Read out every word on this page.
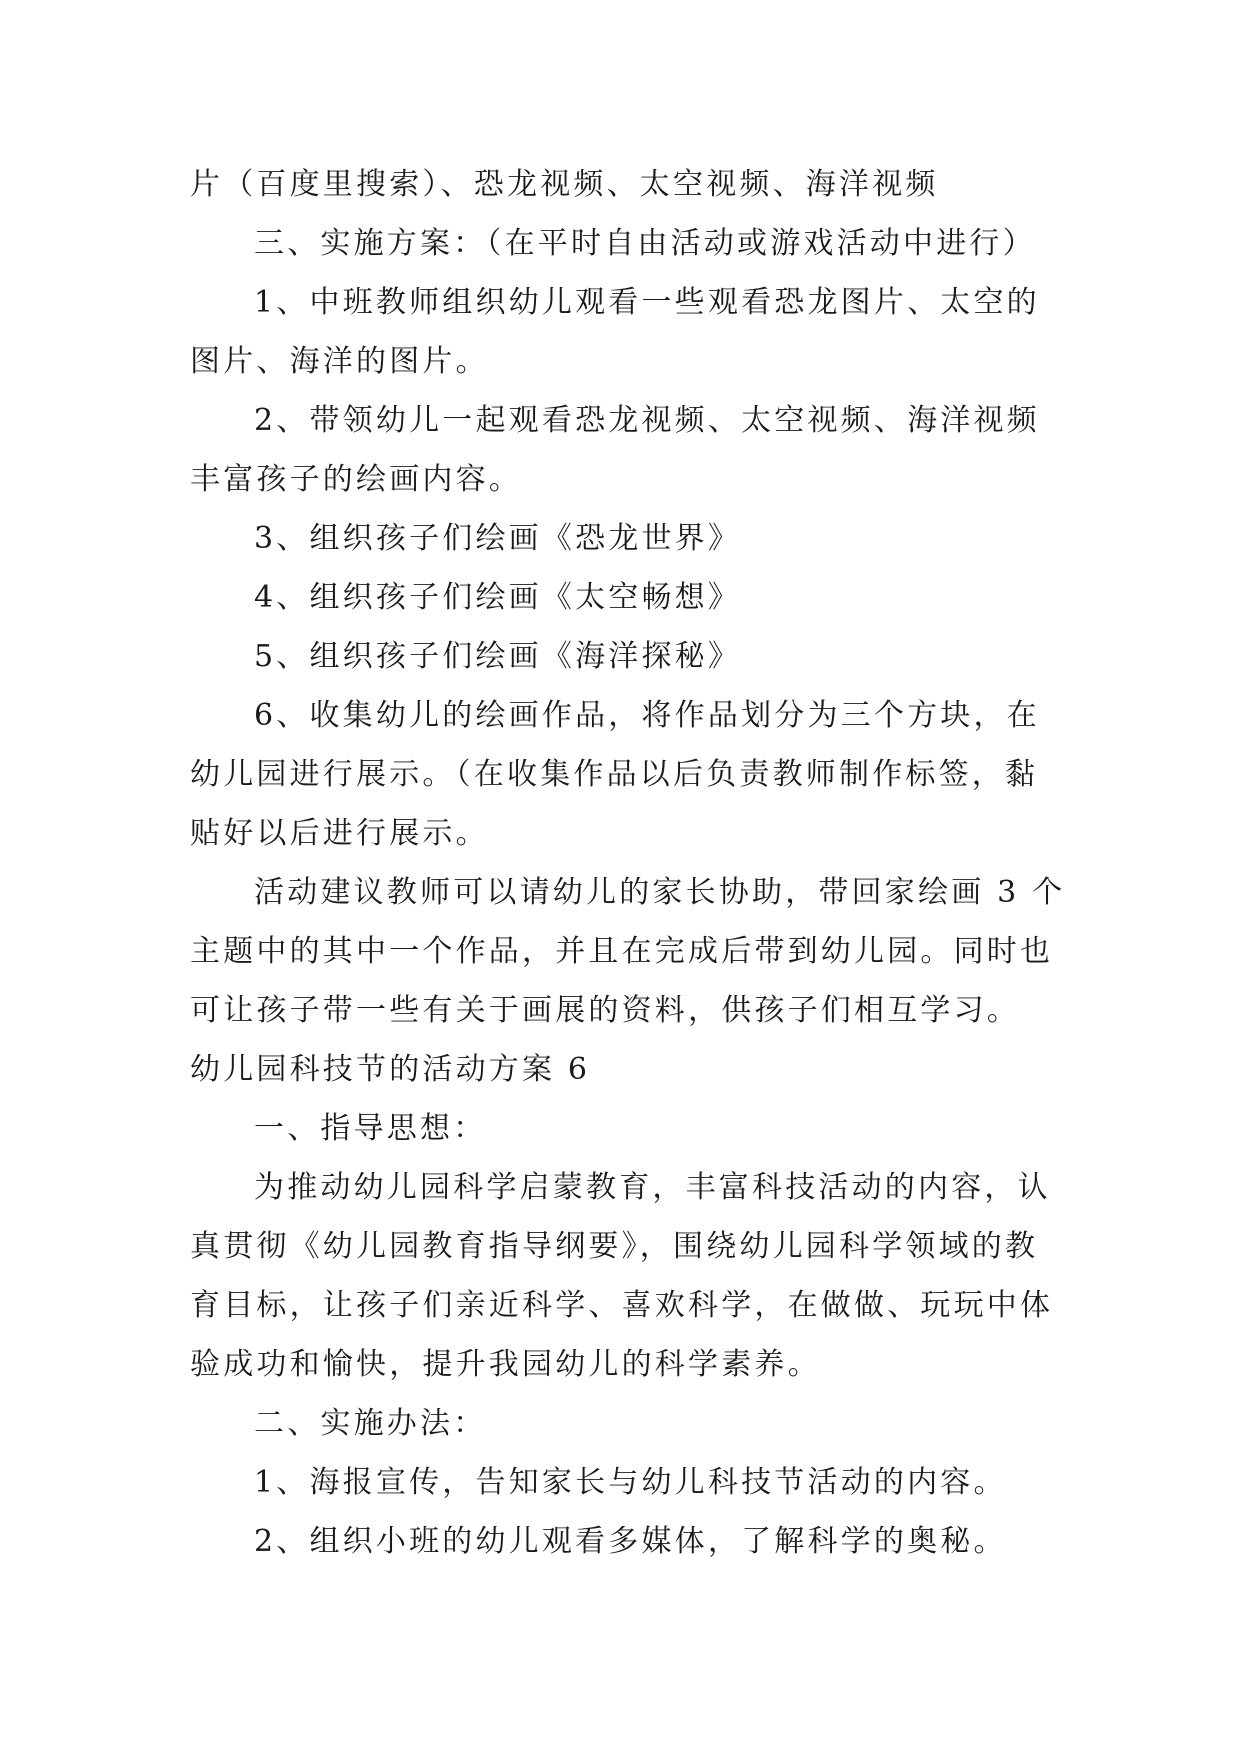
片（百度里搜索）、恐龙视频、太空视频、海洋视频
三、实施方案：（在平时自由活动或游戏活动中进行）
1、中班教师组织幼儿观看一些观看恐龙图片、太空的
图片、海洋的图片。
2、带领幼儿一起观看恐龙视频、太空视频、海洋视频
丰富孩子的绘画内容。
3、组织孩子们绘画《恐龙世界》
4、组织孩子们绘画《太空畅想》
5、组织孩子们绘画《海洋探秘》
6、收集幼儿的绘画作品，将作品划分为三个方块，在
幼儿园进行展示。（在收集作品以后负责教师制作标签，黏
贴好以后进行展示。
活动建议教师可以请幼儿的家长协助，带回家绘画 3 个
主题中的其中一个作品，并且在完成后带到幼儿园。同时也
可让孩子带一些有关于画展的资料，供孩子们相互学习。
幼儿园科技节的活动方案 6
一、指导思想：
为推动幼儿园科学启蒙教育，丰富科技活动的内容，认
真贯彻《幼儿园教育指导纲要》，围绕幼儿园科学领域的教
育目标，让孩子们亲近科学、喜欢科学，在做做、玩玩中体
验成功和愉快，提升我园幼儿的科学素养。
二、实施办法：
1、海报宣传，告知家长与幼儿科技节活动的内容。
2、组织小班的幼儿观看多媒体，了解科学的奥秘。
